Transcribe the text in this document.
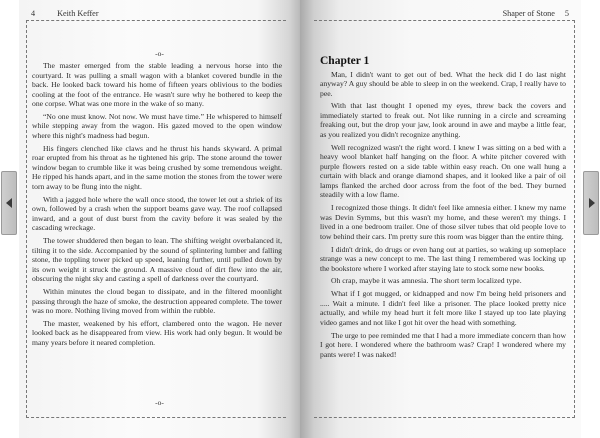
4	Keith Keffer
-o-

The master emerged from the stable leading a nervous horse into the courtyard. It was pulling a small wagon with a blanket covered bundle in the back. He looked back toward his home of fifteen years oblivious to the bodies cooling at the foot of the entrance. He wasn't sure why he bothered to keep the one corpse. What was one more in the wake of so many.

“No one must know. Not now. We must have time.” He whispered to himself while stepping away from the wagon. His gazed moved to the open window where this night's madness had begun.

His fingers clenched like claws and he thrust his hands skyward. A primal roar erupted from his throat as he tightened his grip. The stone around the tower window began to crumble like it was being crushed by some tremendous weight. He ripped his hands apart, and in the same motion the stones from the tower were torn away to be flung into the night.

With a jagged hole where the wall once stood, the tower let out a shriek of its own, followed by a crash when the support beams gave way. The roof collapsed inward, and a gout of dust burst from the cavity before it was sealed by the cascading wreckage.

The tower shuddered then began to lean. The shifting weight overbalanced it, tilting it to the side. Accompanied by the sound of splintering lumber and falling stone, the toppling tower picked up speed, leaning further, until pulled down by its own weight it struck the ground. A massive cloud of dirt flew into the air, obscuring the night sky and casting a spell of darkness over the courtyard.

Within minutes the cloud began to dissipate, and in the filtered moonlight passing through the haze of smoke, the destruction appeared complete. The tower was no more. Nothing living moved from within the rubble.

The master, weakened by his effort, clambered onto the wagon. He never looked back as he disappeared from view. His work had only begun. It would be many years before it neared completion.

-o-
Shaper of Stone 5
Chapter 1

Man, I didn't want to get out of bed. What the heck did I do last night anyway? A guy should be able to sleep in on the weekend. Crap, I really have to pee.

With that last thought I opened my eyes, threw back the covers and immediately started to freak out. Not like running in a circle and screaming freaking out, but the drop your jaw, look around in awe and maybe a little fear, as you realized you didn't recognize anything.

Well recognized wasn't the right word. I knew I was sitting on a bed with a heavy wool blanket half hanging on the floor. A white pitcher covered with purple flowers rested on a side table within easy reach. On one wall hung a curtain with black and orange diamond shapes, and it looked like a pair of oil lamps flanked the arched door across from the foot of the bed. They burned steadily with a low flame.

I recognized those things. It didn't feel like amnesia either. I knew my name was Devin Symms, but this wasn't my home, and these weren't my things. I lived in a one bedroom trailer. One of those silver tubes that old people love to tow behind their cars. I'm pretty sure this room was bigger than the entire thing.

I didn't drink, do drugs or even hang out at parties, so waking up someplace strange was a new concept to me. The last thing I remembered was locking up the bookstore where I worked after staying late to stock some new books.

Oh crap, maybe it was amnesia. The short term localized type.

What if I got mugged, or kidnapped and now I'm being held prisoners and ..... Wait a minute. I didn't feel like a prisoner. The place looked pretty nice actually, and while my head hurt it felt more like I stayed up too late playing video games and not like I got hit over the head with something.

The urge to pee reminded me that I had a more immediate concern than how I got here. I wondered where the bathroom was? Crap! I wondered where my pants were! I was naked!
